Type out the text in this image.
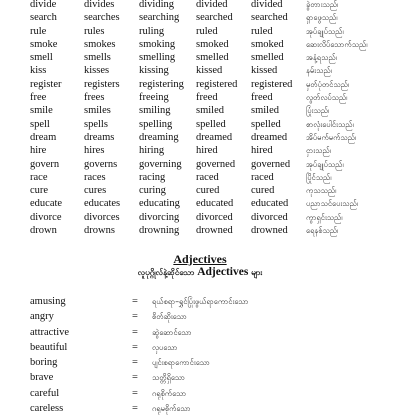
divide	divides	dividing	divided	divided	ခွဲတားသည်၊
search	searches	searching	searched	searched	ရှာဖွေသည်၊
rule	rules	ruling	ruled	ruled	အုပ်ချုပ်သည်၊
smoke	smokes	smoking	smoked	smoked	ဆေးလိပ်သောက်သည်၊
smell	smells	smelling	smelled	smelled	အနံ့ရသည်၊
kiss	kisses	kissing	kissed	kissed	နမ်းသည်၊
register	registers	registering	registered	registered	မှတ်ပုံတင်သည်၊
free	frees	freeing	freed	freed	လွတ်လပ်သည်၊
smile	smiles	smiling	smiled	smiled	ပြုံးသည်၊
spell	spells	spelling	spelled	spelled	စာလုံးပေါင်းသည်၊
dream	dreams	dreaming	dreamed	dreamed	အိပ်မက်မက်သည်၊
hire	hires	hiring	hired	hired	ငှားသည်၊
govern	governs	governing	governed	governed	အုပ်ချုပ်သည်၊
race	races	racing	raced	raced	ပြိုင်သည်၊
cure	cures	curing	cured	cured	ကုသသည်၊
educate	educates	educating	educated	educated	ပညာသင်ပေးသည်၊
divorce	divorces	divorcing	divorced	divorced	ကွာရှင်းသည်၊
drown	drowns	drowning	drowned	drowned	ရေနစ်သည်၊
Adjectives
လူပုဂ္ဂိုလ်နဲ့ဆိုင်သော Adjectives များ
amusing	=	ရယ်စရာ–ရွှင်ပြုံးဖွယ်ရာကောင်းသော
angry	=	စိတ်ဆိုးသော
attractive	=	ဆွဲဆောင်သော
beautiful	=	လှပသော
boring	=	ပျင်းစရာကောင်းသော
brave	=	သတ္တိရှိသော
careful	=	ဂရုစိုက်သော
careless	=	ဂရုမစိုက်သော
